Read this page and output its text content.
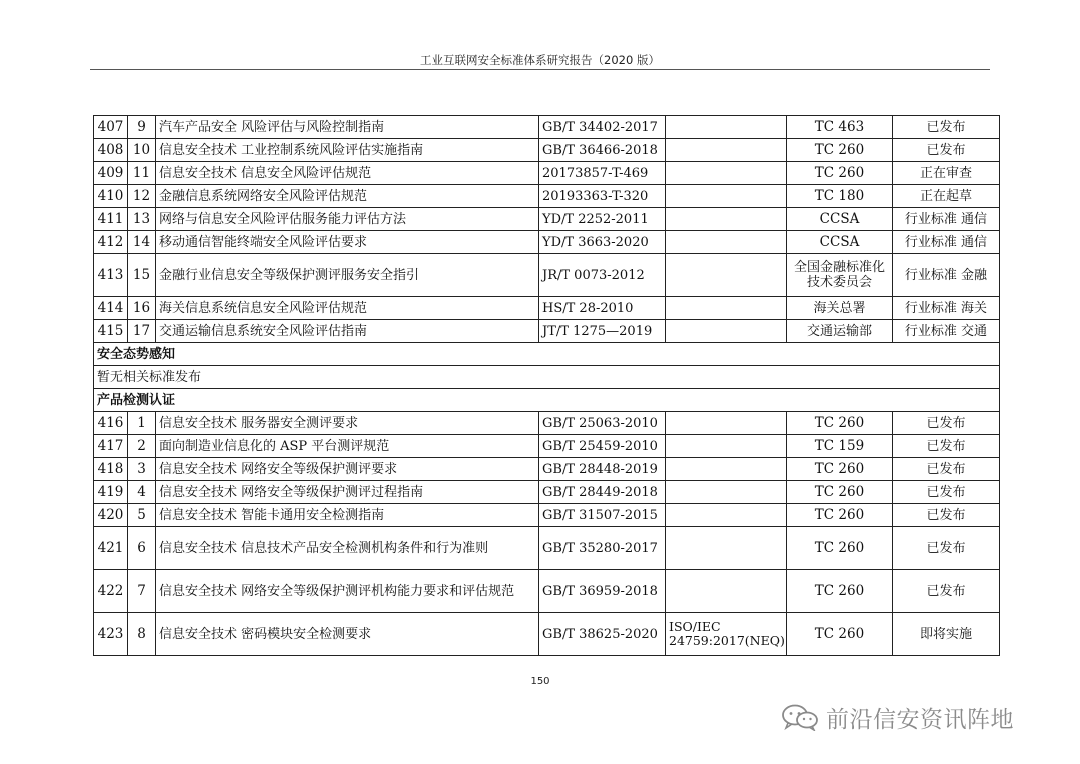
工业互联网安全标准体系研究报告（2020 版）
407	9	汽车产品安全 风险评估与风险控制指南	GB/T 34402-2017		TC 463	已发布
408	10	信息安全技术 工业控制系统风险评估实施指南	GB/T 36466-2018		TC 260	已发布
409	11	信息安全技术 信息安全风险评估规范	20173857-T-469		TC 260	正在审查
410	12	金融信息系统网络安全风险评估规范	20193363-T-320		TC 180	正在起草
411	13	网络与信息安全风险评估服务能力评估方法	YD/T 2252-2011		CCSA	行业标准 通信
412	14	移动通信智能终端安全风险评估要求	YD/T 3663-2020		CCSA	行业标准 通信
413	15	金融行业信息安全等级保护测评服务安全指引	JR/T 0073-2012		全国金融标准化 技术委员会	行业标准 金融
414	16	海关信息系统信息安全风险评估规范	HS/T 28-2010		海关总署	行业标准 海关
415	17	交通运输信息系统安全风险评估指南	JT/T 1275—2019		交通运输部	行业标准 交通
安全态势感知						
暂无相关标准发布						
产品检测认证						
416	1	信息安全技术 服务器安全测评要求	GB/T 25063-2010		TC 260	已发布
417	2	面向制造业信息化的 ASP 平台测评规范	GB/T 25459-2010		TC 159	已发布
418	3	信息安全技术 网络安全等级保护测评要求	GB/T 28448-2019		TC 260	已发布
419	4	信息安全技术 网络安全等级保护测评过程指南	GB/T 28449-2018		TC 260	已发布
420	5	信息安全技术 智能卡通用安全检测指南	GB/T 31507-2015		TC 260	已发布
421	6	信息安全技术 信息技术产品安全检测机构条件和行为准则	GB/T 35280-2017		TC 260	已发布
422	7	信息安全技术 网络安全等级保护测评机构能力要求和评估规范	GB/T 36959-2018		TC 260	已发布
423	8	信息安全技术 密码模块安全检测要求	GB/T 38625-2020	ISO/IEC 24759:2017(NEQ)	TC 260	即将实施
150
前沿信安资讯阵地
